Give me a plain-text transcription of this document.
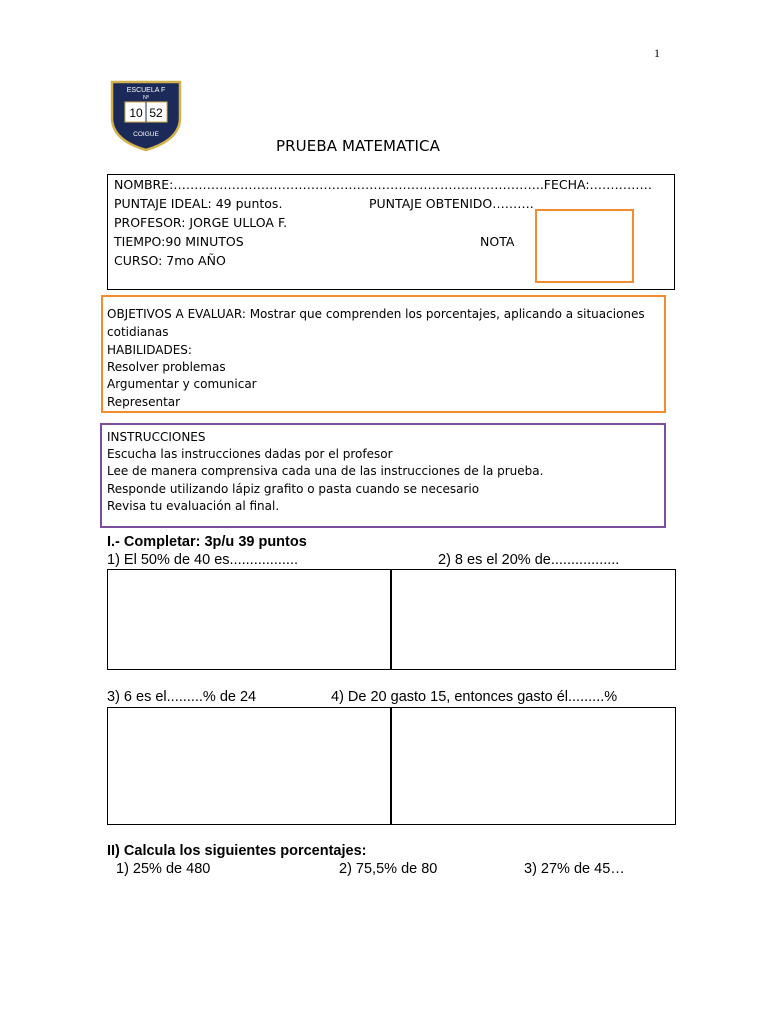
1
ESCUELA F
Nº
10 52
COIGUE
PRUEBA MATEMATICA
NOMBRE:……………………………………………………………………………..FECHA:……………
PUNTAJE IDEAL: 49 puntos.	PUNTAJE OBTENIDO……….
PROFESOR: JORGE ULLOA F.
TIEMPO:90 MINUTOS	NOTA
CURSO: 7mo AÑO
OBJETIVOS A EVALUAR: Mostrar que comprenden los porcentajes, aplicando a situaciones
cotidianas
HABILIDADES:
Resolver problemas
Argumentar y comunicar
Representar
INSTRUCCIONES
Escucha las instrucciones dadas por el profesor
Lee de manera comprensiva cada una de las instrucciones de la prueba.
Responde utilizando lápiz grafito o pasta cuando se necesario
Revisa tu evaluación al final.
I.- Completar: 3p/u 39 puntos
1) El 50% de 40 es.................	2) 8 es el 20% de.................
3) 6 es el.........% de 24	4) De 20 gasto 15, entonces gasto él.........%
II) Calcula los siguientes porcentajes:
1) 25% de 480	2) 75,5% de 80	3) 27% de 45…
